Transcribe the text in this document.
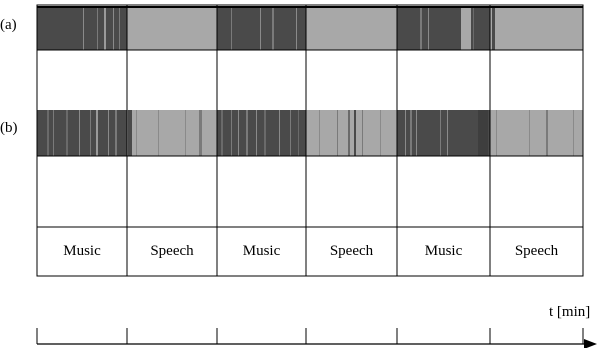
(a)
(b)
Music	Speech	Music	Speech	Music	Speech
t [min]
